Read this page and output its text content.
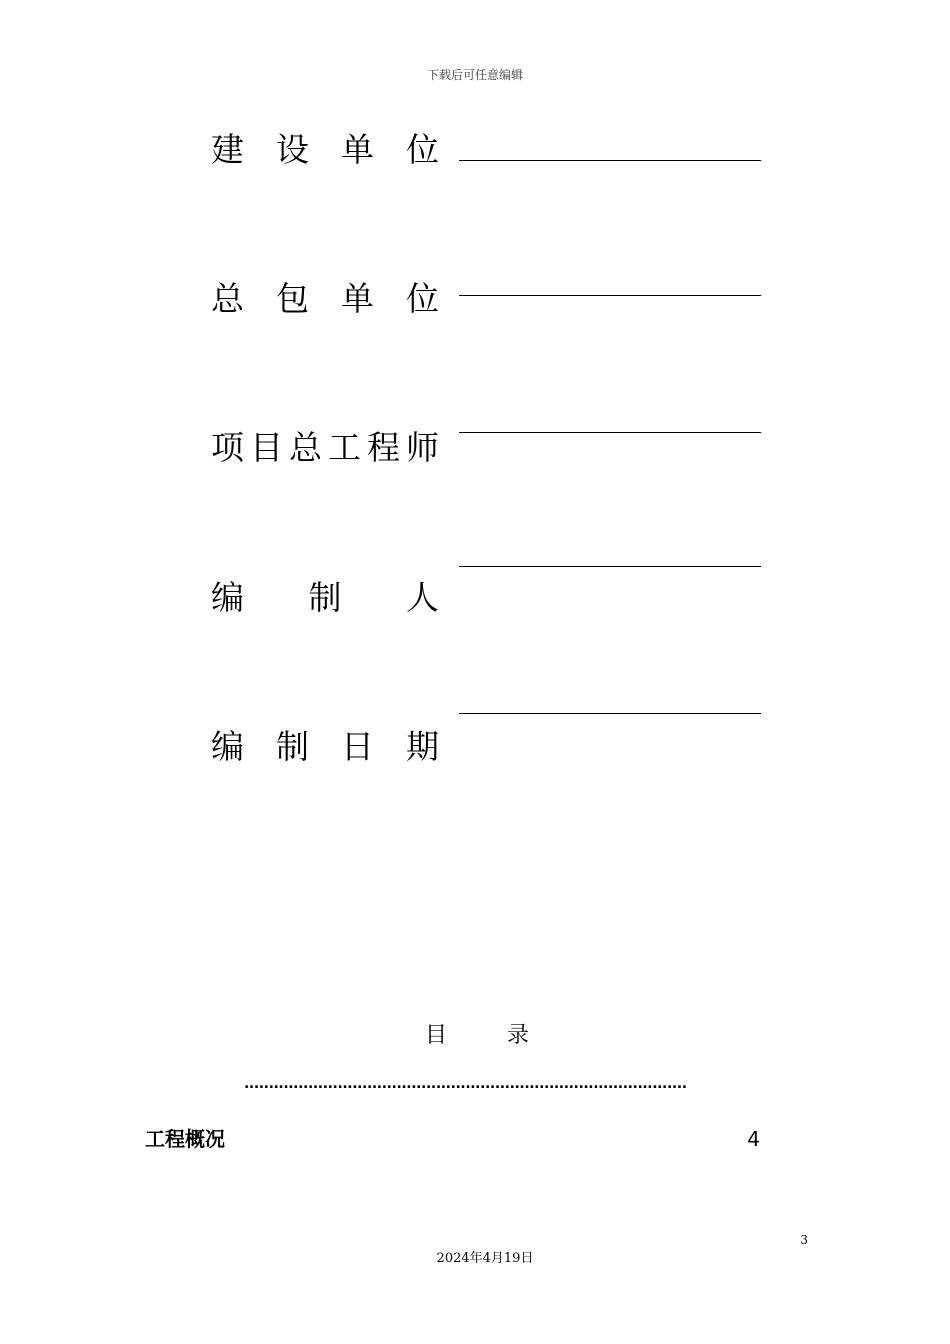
下载后可任意编辑
建 设 单 位
总 包 单 位
项 目 总 工 程 师
编 制 人
编 制 日 期
目	录
..........................................................................................
工程概况	4
3
2024年4月19日
